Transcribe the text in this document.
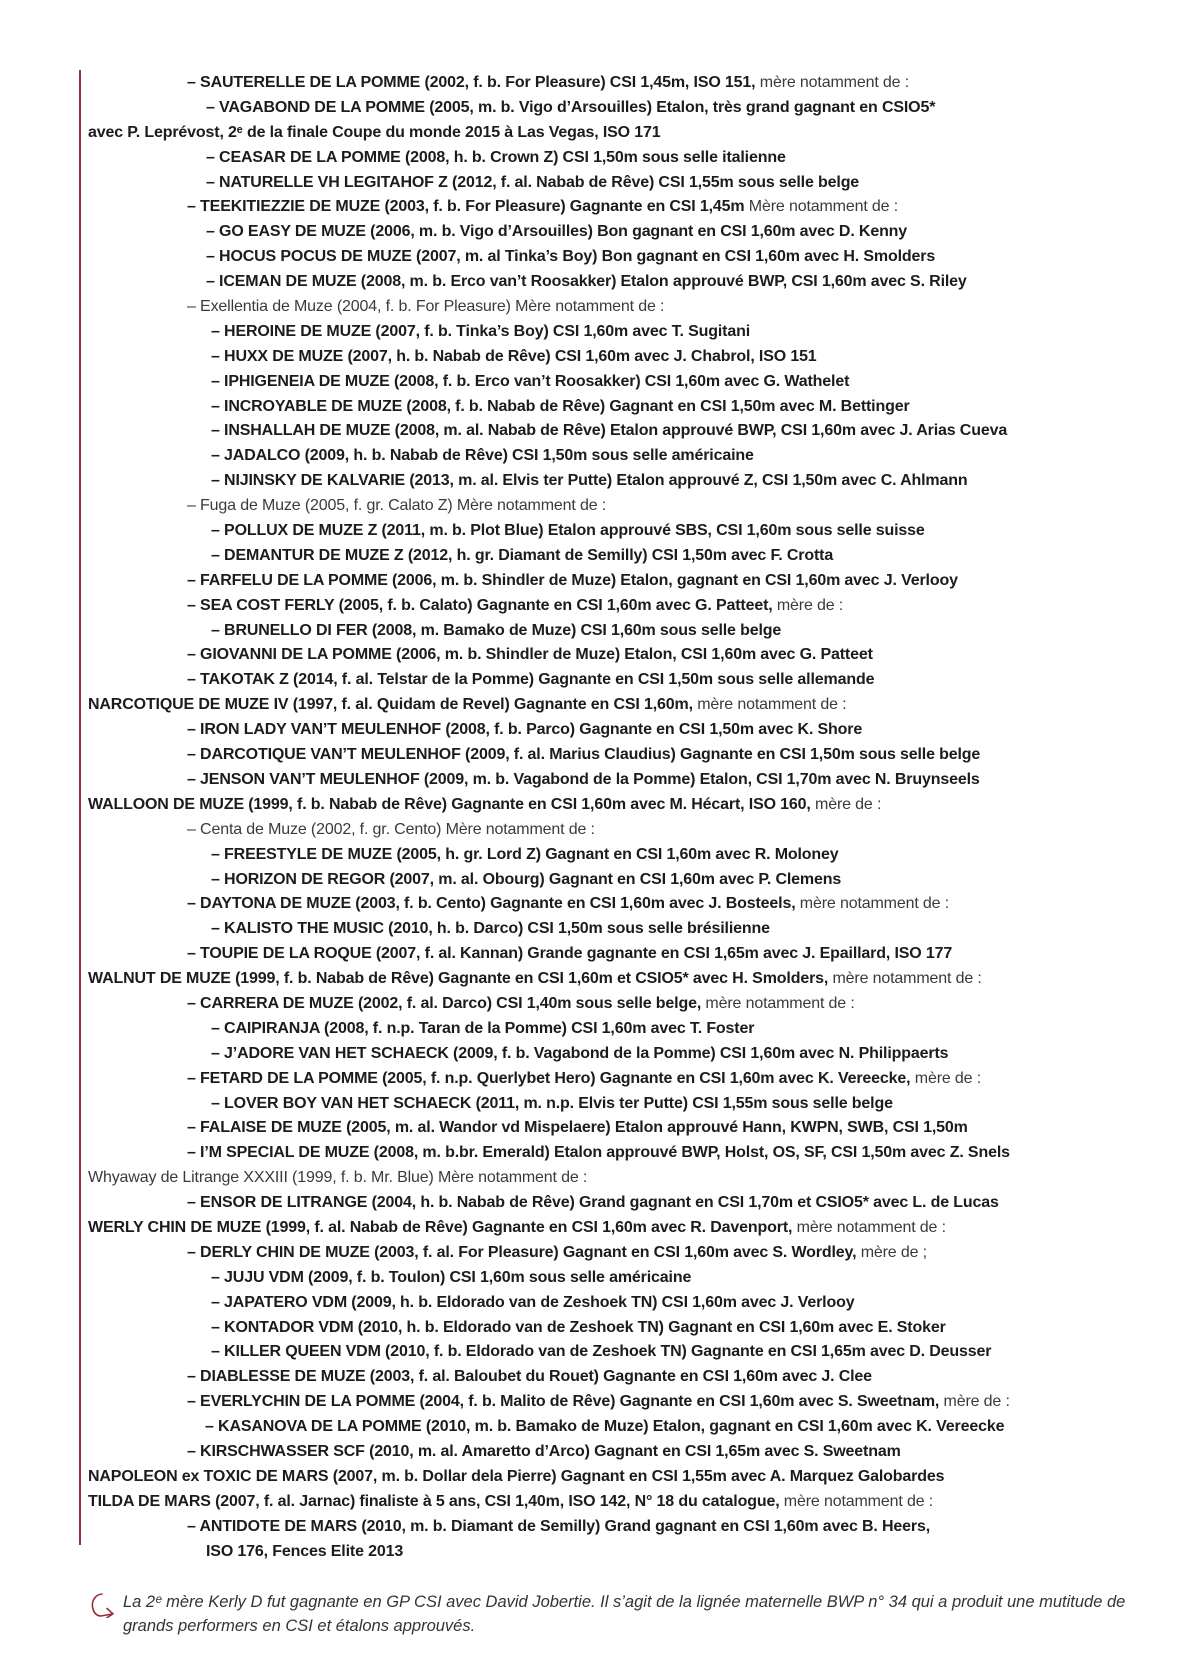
– SAUTERELLE DE LA POMME (2002, f. b. For Pleasure) CSI 1,45m, ISO 151, mère notamment de :
– VAGABOND DE LA POMME (2005, m. b. Vigo d’Arsouilles) Etalon, très grand gagnant en CSIO5*
avec P. Leprévost, 2ᵉ de la finale Coupe du monde 2015 à Las Vegas, ISO 171
– CEASAR DE LA POMME (2008, h. b. Crown Z) CSI 1,50m sous selle italienne
– NATURELLE VH LEGITAHOF Z (2012, f. al. Nabab de Rêve) CSI 1,55m sous selle belge
– TEEKITIEZZIE DE MUZE (2003, f. b. For Pleasure) Gagnante en CSI 1,45m Mère notamment de :
– GO EASY DE MUZE (2006, m. b. Vigo d’Arsouilles) Bon gagnant en CSI 1,60m avec D. Kenny
– HOCUS POCUS DE MUZE (2007, m. al Tinka’s Boy) Bon gagnant en CSI 1,60m avec H. Smolders
– ICEMAN DE MUZE (2008, m. b. Erco van’t Roosakker) Etalon approuvé BWP, CSI 1,60m avec S. Riley
– Exellentia de Muze (2004, f. b. For Pleasure) Mère notamment de :
– HEROINE DE MUZE (2007, f. b. Tinka’s Boy) CSI 1,60m avec T. Sugitani
– HUXX DE MUZE (2007, h. b. Nabab de Rêve) CSI 1,60m avec J. Chabrol, ISO 151
– IPHIGENEIA DE MUZE (2008, f. b. Erco van’t Roosakker) CSI 1,60m avec G. Wathelet
– INCROYABLE DE MUZE (2008, f. b. Nabab de Rêve) Gagnant en CSI 1,50m avec M. Bettinger
– INSHALLAH DE MUZE (2008, m. al. Nabab de Rêve) Etalon approuvé BWP, CSI 1,60m avec J. Arias Cueva
– JADALCO (2009, h. b. Nabab de Rêve) CSI 1,50m sous selle américaine
– NIJINSKY DE KALVARIE (2013, m. al. Elvis ter Putte) Etalon approuvé Z, CSI 1,50m avec C. Ahlmann
– Fuga de Muze (2005, f. gr. Calato Z) Mère notamment de :
– POLLUX DE MUZE Z (2011, m. b. Plot Blue) Etalon approuvé SBS, CSI 1,60m sous selle suisse
– DEMANTUR DE MUZE Z (2012, h. gr. Diamant de Semilly) CSI 1,50m avec F. Crotta
– FARFELU DE LA POMME (2006, m. b. Shindler de Muze) Etalon, gagnant en CSI 1,60m avec J. Verlooy
– SEA COST FERLY (2005, f. b. Calato) Gagnante en CSI 1,60m avec G. Patteet, mère de :
– BRUNELLO DI FER (2008, m. Bamako de Muze) CSI 1,60m sous selle belge
– GIOVANNI DE LA POMME (2006, m. b. Shindler de Muze) Etalon, CSI 1,60m avec G. Patteet
– TAKOTAK Z (2014, f. al. Telstar de la Pomme) Gagnante en CSI 1,50m sous selle allemande
NARCOTIQUE DE MUZE IV (1997, f. al. Quidam de Revel) Gagnante en CSI 1,60m, mère notamment de :
– IRON LADY VAN’T MEULENHOF (2008, f. b. Parco) Gagnante en CSI 1,50m avec K. Shore
– DARCOTIQUE VAN’T MEULENHOF (2009, f. al. Marius Claudius) Gagnante en CSI 1,50m sous selle belge
– JENSON VAN’T MEULENHOF (2009, m. b. Vagabond de la Pomme) Etalon, CSI 1,70m avec N. Bruynseels
WALLOON DE MUZE (1999, f. b. Nabab de Rêve) Gagnante en CSI 1,60m avec M. Hécart, ISO 160, mère de :
– Centa de Muze (2002, f. gr. Cento) Mère notamment de :
– FREESTYLE DE MUZE (2005, h. gr. Lord Z) Gagnant en CSI 1,60m avec R. Moloney
– HORIZON DE REGOR (2007, m. al. Obourg) Gagnant en CSI 1,60m avec P. Clemens
– DAYTONA DE MUZE (2003, f. b. Cento) Gagnante en CSI 1,60m avec J. Bosteels, mère notamment de :
– KALISTO THE MUSIC (2010, h. b. Darco) CSI 1,50m sous selle brésilienne
– TOUPIE DE LA ROQUE (2007, f. al. Kannan) Grande gagnante en CSI 1,65m avec J. Epaillard, ISO 177
WALNUT DE MUZE (1999, f. b. Nabab de Rêve) Gagnante en CSI 1,60m et CSIO5* avec H. Smolders, mère notamment de :
– CARRERA DE MUZE (2002, f. al. Darco) CSI 1,40m sous selle belge, mère notamment de :
– CAIPIRANJA (2008, f. n.p. Taran de la Pomme) CSI 1,60m avec T. Foster
– J’ADORE VAN HET SCHAECK (2009, f. b. Vagabond de la Pomme) CSI 1,60m avec N. Philippaerts
– FETARD DE LA POMME (2005, f. n.p. Querlybet Hero) Gagnante en CSI 1,60m avec K. Vereecke, mère de :
– LOVER BOY VAN HET SCHAECK (2011, m. n.p. Elvis ter Putte) CSI 1,55m sous selle belge
– FALAISE DE MUZE (2005, m. al. Wandor vd Mispelaere) Etalon approuvé Hann, KWPN, SWB, CSI 1,50m
– I’M SPECIAL DE MUZE (2008, m. b.br. Emerald) Etalon approuvé BWP, Holst, OS, SF, CSI 1,50m avec Z. Snels
Whyaway de Litrange XXXIII (1999, f. b. Mr. Blue) Mère notamment de :
– ENSOR DE LITRANGE (2004, h. b. Nabab de Rêve) Grand gagnant en CSI 1,70m et CSIO5* avec L. de Lucas
WERLY CHIN DE MUZE (1999, f. al. Nabab de Rêve) Gagnante en CSI 1,60m avec R. Davenport, mère notamment de :
– DERLY CHIN DE MUZE (2003, f. al. For Pleasure) Gagnant en CSI 1,60m avec S. Wordley, mère de ;
– JUJU VDM (2009, f. b. Toulon) CSI 1,60m sous selle américaine
– JAPATERO VDM (2009, h. b. Eldorado van de Zeshoek TN) CSI 1,60m avec J. Verlooy
– KONTADOR VDM (2010, h. b. Eldorado van de Zeshoek TN) Gagnant en CSI 1,60m avec E. Stoker
– KILLER QUEEN VDM (2010, f. b. Eldorado van de Zeshoek TN) Gagnante en CSI 1,65m avec D. Deusser
– DIABLESSE DE MUZE (2003, f. al. Baloubet du Rouet) Gagnante en CSI 1,60m avec J. Clee
– EVERLYCHIN DE LA POMME (2004, f. b. Malito de Rêve) Gagnante en CSI 1,60m avec S. Sweetnam, mère de :
– KASANOVA DE LA POMME (2010, m. b. Bamako de Muze) Etalon, gagnant en CSI 1,60m avec K. Vereecke
– KIRSCHWASSER SCF (2010, m. al. Amaretto d’Arco) Gagnant en CSI 1,65m avec S. Sweetnam
NAPOLEON ex TOXIC DE MARS (2007, m. b. Dollar dela Pierre) Gagnant en CSI 1,55m avec A. Marquez Galobardes
TILDA DE MARS (2007, f. al. Jarnac) finaliste à 5 ans, CSI 1,40m, ISO 142, N° 18 du catalogue, mère notamment de :
– ANTIDOTE DE MARS (2010, m. b. Diamant de Semilly) Grand gagnant en CSI 1,60m avec B. Heers,
ISO 176, Fences Elite 2013
La 2ᵉ mère Kerly D fut gagnante en GP CSI avec David Jobertie. Il s’agit de la lignée maternelle BWP n° 34 qui a produit une mutitude de grands performers en CSI et étalons approuvés.
